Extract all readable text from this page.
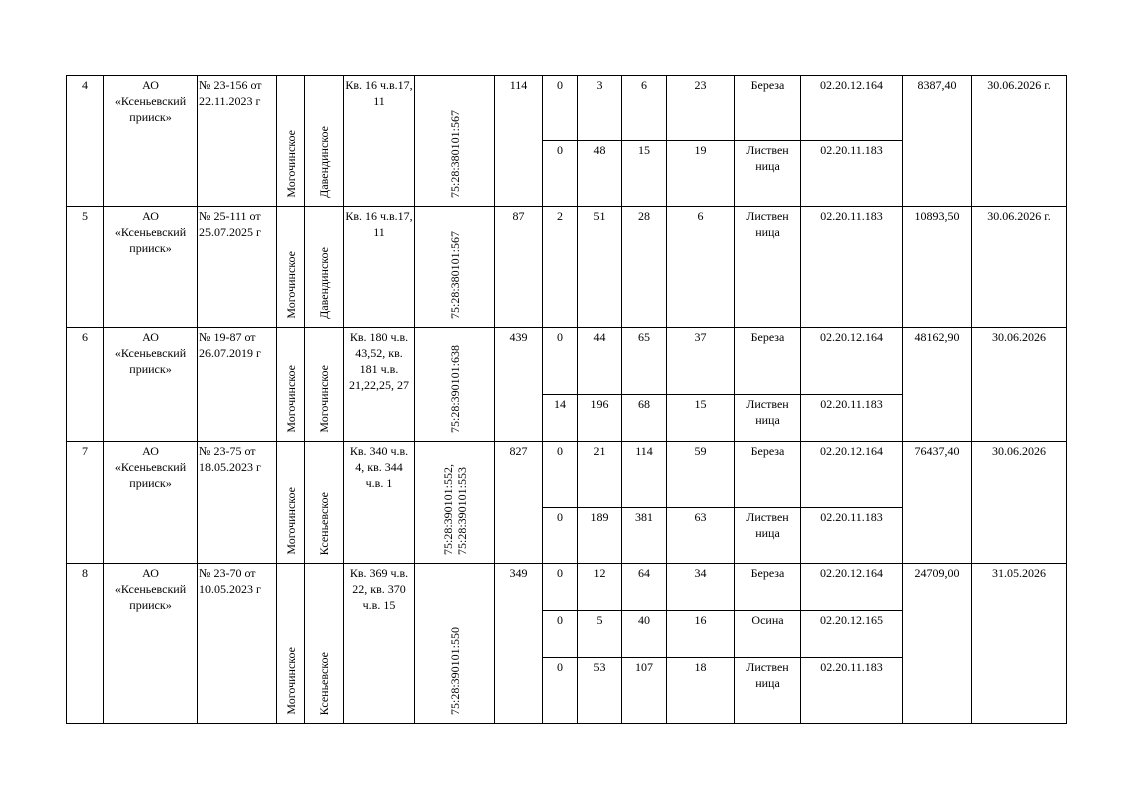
4	АО «Ксеньевский прииск»	№ 23-156 от 22.11.2023 г	Могочинское	Давендинское	Кв. 16 ч.в.17, 11	75:28:380101:567	114	0	3	6	23	Береза	02.20.12.164	8387,40	30.06.2026 г.
								0	48	15	19	Листвен ница	02.20.11.183		
5	АО «Ксеньевский прииск»	№ 25-111 от 25.07.2025 г	Могочинское	Давендинское	Кв. 16 ч.в.17, 11	75:28:380101:567	87	2	51	28	6	Листвен ница	02.20.11.183	10893,50	30.06.2026 г.
6	АО «Ксеньевский прииск»	№ 19-87 от 26.07.2019 г	Могочинское	Могочинское	Кв. 180 ч.в. 43,52, кв. 181 ч.в. 21,22,25, 27	75:28:390101:638	439	0	44	65	37	Береза	02.20.12.164	48162,90	30.06.2026
								14	196	68	15	Листвен ница	02.20.11.183		
7	АО «Ксеньевский прииск»	№ 23-75 от 18.05.2023 г	Могочинское	Ксеньевское	Кв. 340 ч.в. 4, кв. 344 ч.в. 1	75:28:390101:552,
75:28:390101:553	827	0	21	114	59	Береза	02.20.12.164	76437,40	30.06.2026
								0	189	381	63	Листвен ница	02.20.11.183		
8	АО «Ксеньевский прииск»	№ 23-70 от 10.05.2023 г	Могочинское	Ксеньевское	Кв. 369 ч.в. 22, кв. 370 ч.в. 15	75:28:390101:550	349	0	12	64	34	Береза	02.20.12.164	24709,00	31.05.2026
								0	5	40	16	Осина	02.20.12.165		
								0	53	107	18	Листвен ница	02.20.11.183		
